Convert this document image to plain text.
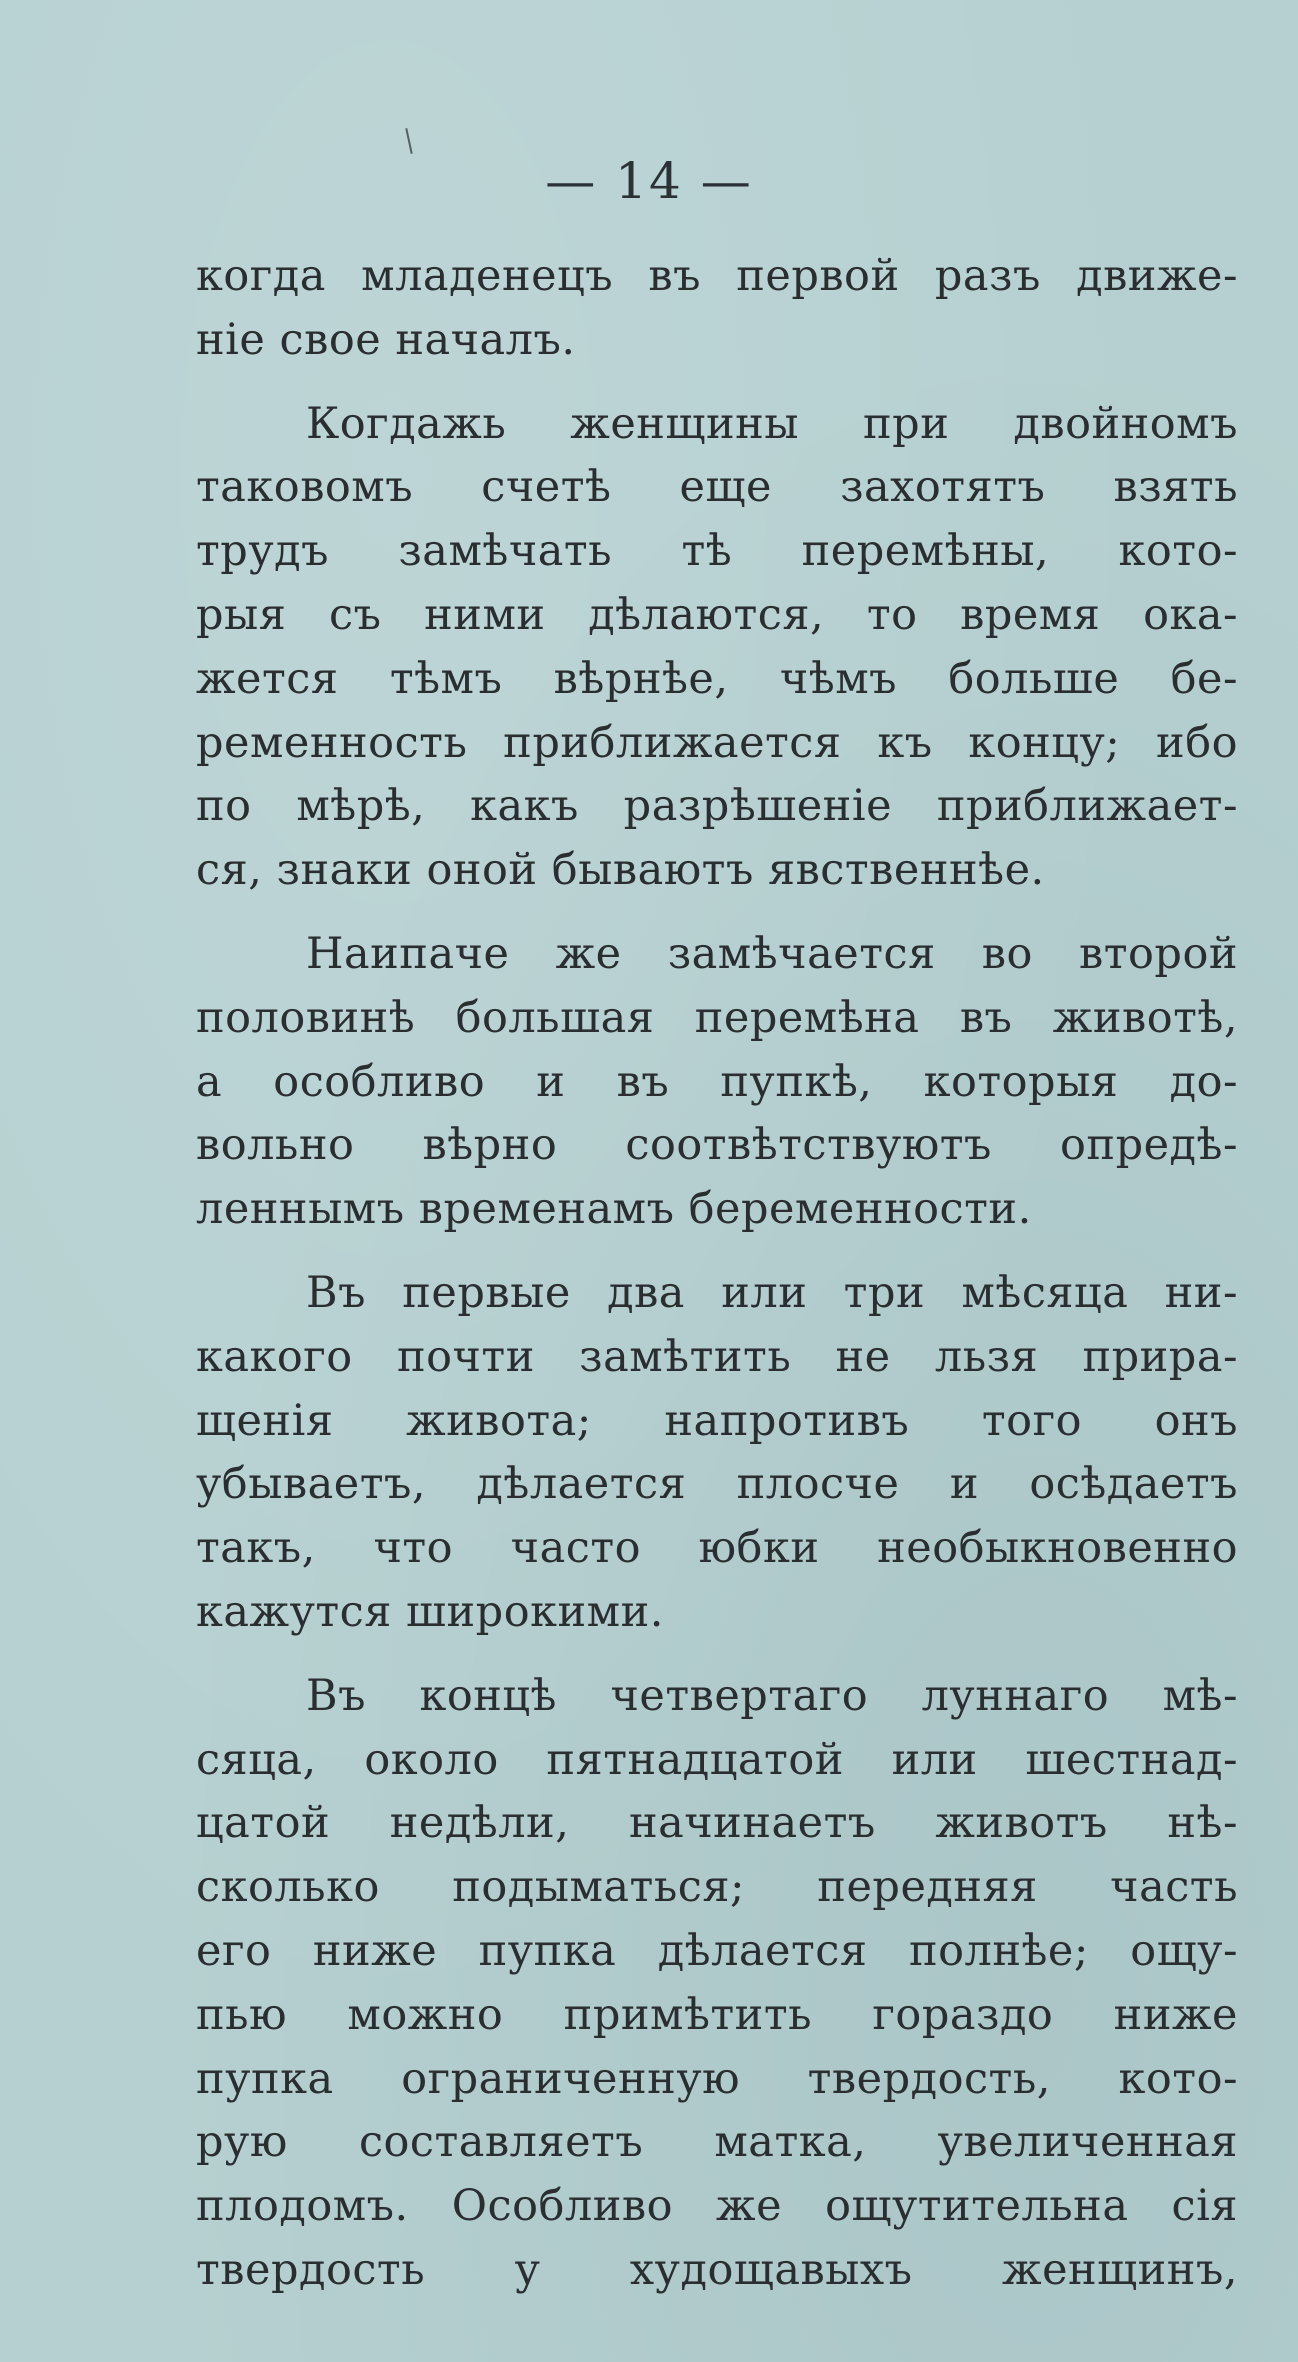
— 14 —
когда младенецъ въ первой разъ движе-
ніе свое началъ.
Когдажь женщины при двойномъ
таковомъ счетѣ еще захотятъ взять
трудъ замѣчать тѣ перемѣны, кото-
рыя съ ними дѣлаются, то время ока-
жется тѣмъ вѣрнѣе, чѣмъ больше бе-
ременность приближается къ концу; ибо
по мѣрѣ, какъ разрѣшеніе приближает-
ся, знаки оной бываютъ явственнѣе.
Наипаче же замѣчается во второй
половинѣ большая перемѣна въ животѣ,
а особливо и въ пупкѣ, которыя до-
вольно вѣрно соотвѣтствуютъ опредѣ-
леннымъ временамъ беременности.
Въ первые два или три мѣсяца ни-
какого почти замѣтить не льзя прира-
щенія живота; напротивъ того онъ
убываетъ, дѣлается плосче и осѣдаетъ
такъ, что часто юбки необыкновенно
кажутся широкими.
Въ концѣ четвертаго луннаго мѣ-
сяца, около пятнадцатой или шестнад-
цатой недѣли, начинаетъ животъ нѣ-
сколько подыматься; передняя часть
его ниже пупка дѣлается полнѣе; ощу-
пью можно примѣтить гораздо ниже
пупка ограниченную твердость, кото-
рую составляетъ матка, увеличенная
плодомъ. Особливо же ощутительна сія
твердость у худощавыхъ женщинъ,
